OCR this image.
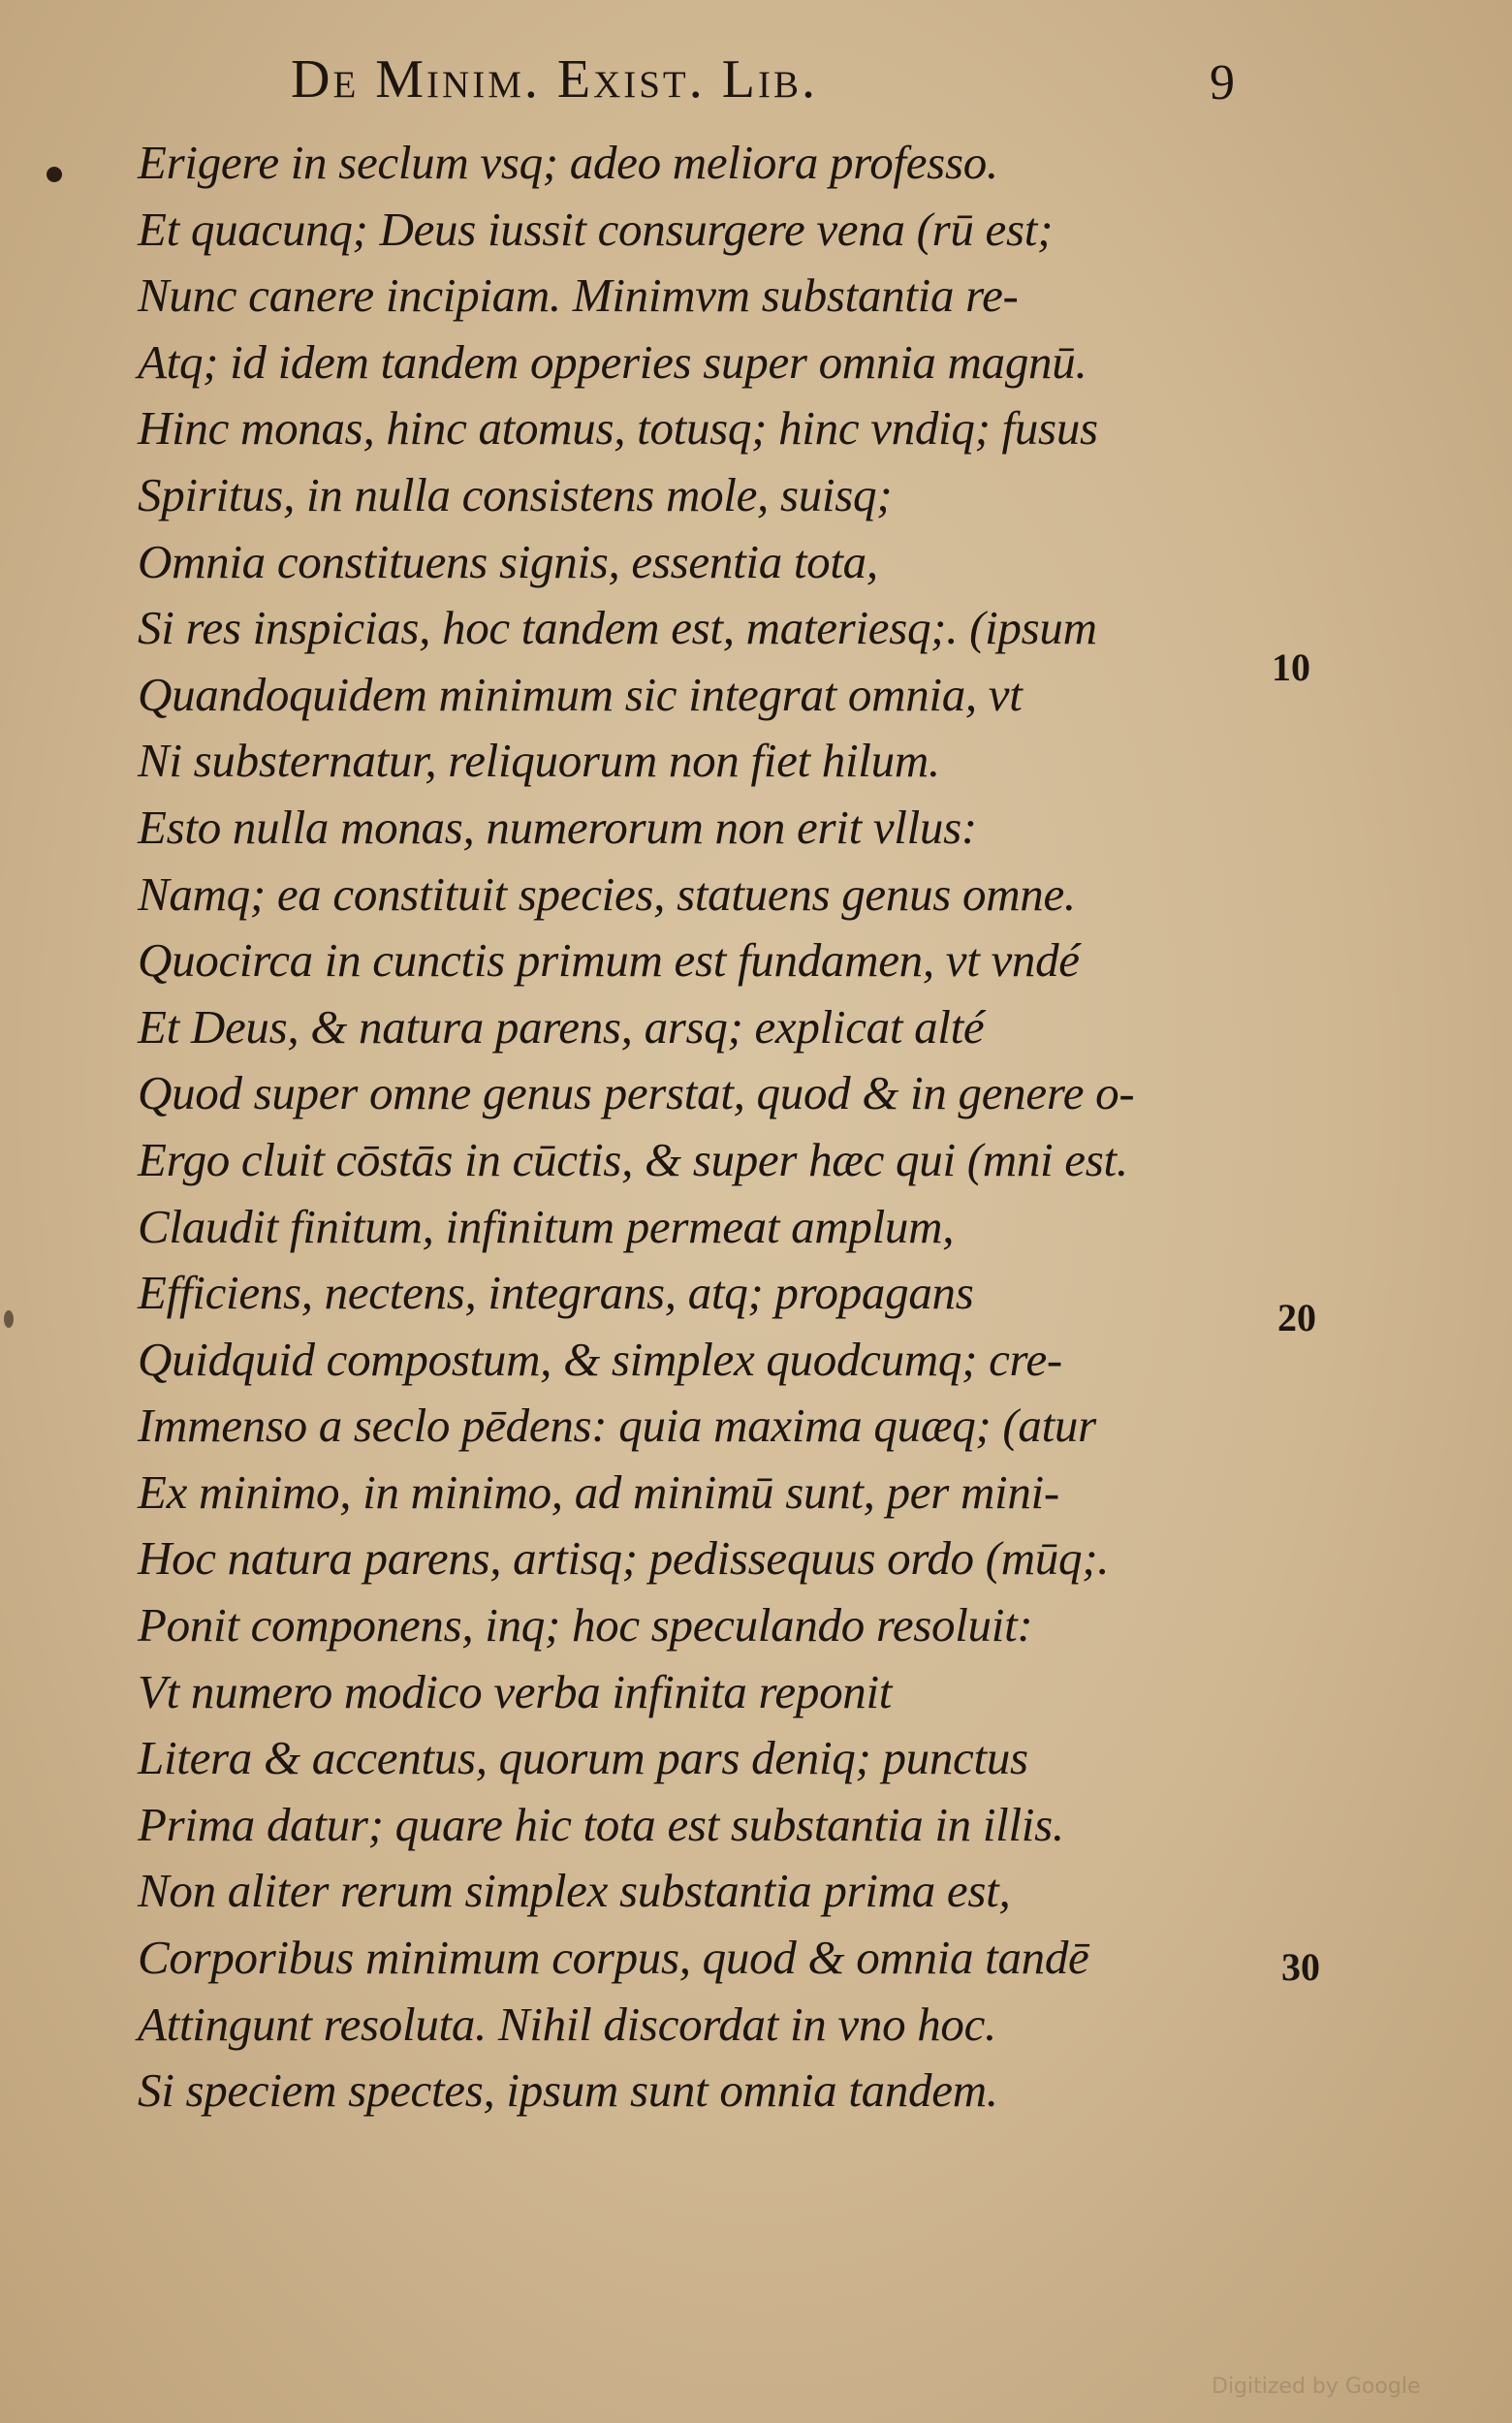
De Minim. Exist. Lib.	9
Erigere in seclum vsq; adeo meliora professo.
Et quacunq; Deus iussit consurgere vena (rū est;
Nunc canere incipiam. Minimvm substantia re-
Atq; id idem tandem opperies super omnia magnū.
Hinc monas, hinc atomus, totusq; hinc vndiq; fusus
Spiritus, in nulla consistens mole, suisq;
Omnia constituens signis, essentia tota,
Si res inspicias, hoc tandem est, materiesq;. (ipsum
Quandoquidem minimum sic integrat omnia, vt
Ni substernatur, reliquorum non fiet hilum.
Esto nulla monas, numerorum non erit vllus:
Namq; ea constituit species, statuens genus omne.
Quocirca in cunctis primum est fundamen, vt vndé
Et Deus, & natura parens, arsq; explicat alté
Quod super omne genus perstat, quod & in genere o-
Ergo cluit cōstās in cūctis, & super hæc qui (mni est.
Claudit finitum, infinitum permeat amplum,
Efficiens, nectens, integrans, atq; propagans
Quidquid compostum, & simplex quodcumq; cre-
Immenso a seclo pēdens: quia maxima quæq; (atur
Ex minimo, in minimo, ad minimū sunt, per mini-
Hoc natura parens, artisq; pedissequus ordo (mūq;.
Ponit componens, inq; hoc speculando resoluit:
Vt numero modico verba infinita reponit
Litera & accentus, quorum pars deniq; punctus
Prima datur; quare hic tota est substantia in illis.
Non aliter rerum simplex substantia prima est,
Corporibus minimum corpus, quod & omnia tandē
Attingunt resoluta. Nihil discordat in vno hoc.
Si speciem spectes, ipsum sunt omnia tandem.
10
20
30
Digitized by Google
